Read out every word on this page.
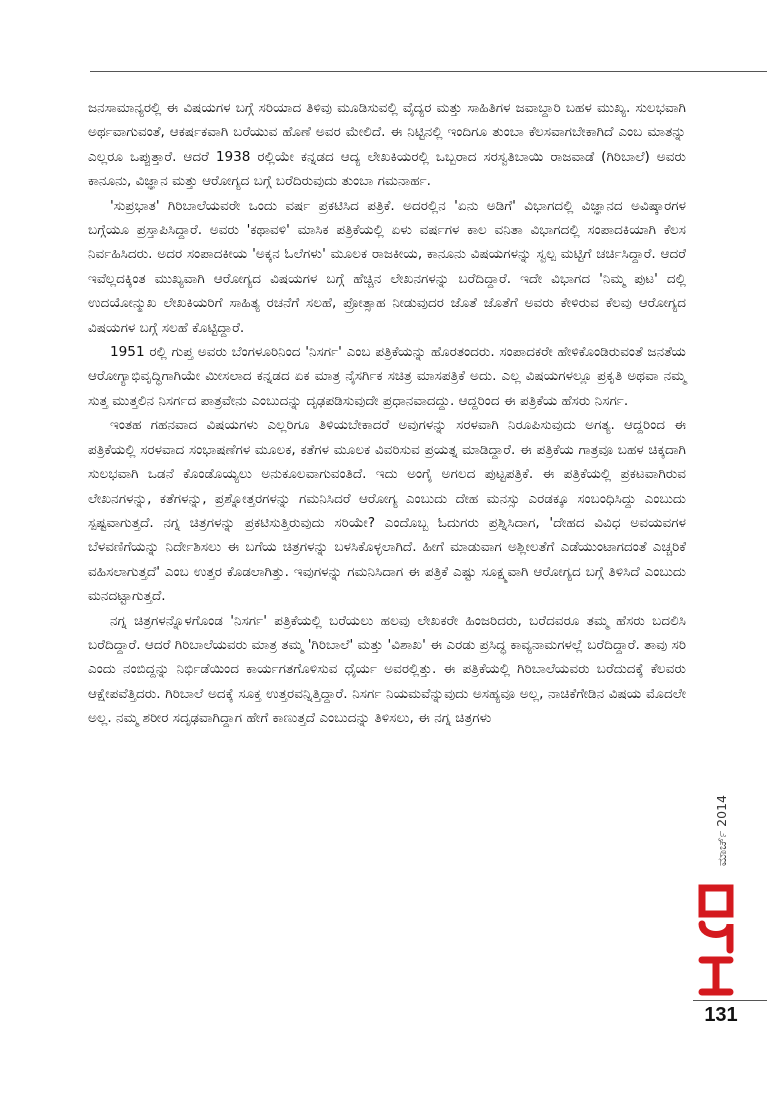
ಜನಸಾಮಾನ್ಯರಲ್ಲಿ ಈ ವಿಷಯಗಳ ಬಗ್ಗೆ ಸರಿಯಾದ ತಿಳಿವು ಮೂಡಿಸುವಲ್ಲಿ ವೈದ್ಯರ ಮತ್ತು ಸಾಹಿತಿಗಳ ಜವಾಬ್ದಾರಿ ಬಹಳ ಮುಖ್ಯ. ಸುಲಭವಾಗಿ ಅರ್ಥವಾಗುವಂತೆ, ಆಕರ್ಷಕವಾಗಿ ಬರೆಯುವ ಹೊಣೆ ಅವರ ಮೇಲಿದೆ. ಈ ನಿಟ್ಟಿನಲ್ಲಿ ಇಂದಿಗೂ ತುಂಬಾ ಕೆಲಸವಾಗಬೇಕಾಗಿದೆ ಎಂಬ ಮಾತನ್ನು ಎಲ್ಲರೂ ಒಪ್ಪುತ್ತಾರೆ. ಆದರೆ 1938 ರಲ್ಲಿಯೇ ಕನ್ನಡದ ಆದ್ಯ ಲೇಖಕಿಯರಲ್ಲಿ ಒಬ್ಬರಾದ ಸರಸ್ವತಿಬಾಯಿ ರಾಜವಾಡೆ (ಗಿರಿಬಾಲೆ) ಅವರು ಕಾನೂನು, ವಿಜ್ಞಾನ ಮತ್ತು ಆರೋಗ್ಯದ ಬಗ್ಗೆ ಬರೆದಿರುವುದು ತುಂಬಾ ಗಮನಾರ್ಹ.

'ಸುಪ್ರಭಾತ' ಗಿರಿಬಾಲೆಯವರೇ ಒಂದು ವರ್ಷ ಪ್ರಕಟಿಸಿದ ಪತ್ರಿಕೆ. ಅದರಲ್ಲಿನ 'ಏನು ಅಡಿಗೆ' ವಿಭಾಗದಲ್ಲಿ ವಿಜ್ಞಾನದ ಅವಿಷ್ಕಾರಗಳ ಬಗ್ಗೆಯೂ ಪ್ರಸ್ತಾಪಿಸಿದ್ದಾರೆ. ಅವರು 'ಕಥಾವಳಿ' ಮಾಸಿಕ ಪತ್ರಿಕೆಯಲ್ಲಿ ಏಳು ವರ್ಷಗಳ ಕಾಲ ವನಿತಾ ವಿಭಾಗದಲ್ಲಿ ಸಂಪಾದಕಿಯಾಗಿ ಕೆಲಸ ನಿರ್ವಹಿಸಿದರು. ಅದರ ಸಂಪಾದಕೀಯ 'ಅಕ್ಕನ ಓಲೆಗಳು' ಮೂಲಕ ರಾಜಕೀಯ, ಕಾನೂನು ವಿಷಯಗಳನ್ನು ಸ್ವಲ್ಪ ಮಟ್ಟಿಗೆ ಚರ್ಚಿಸಿದ್ದಾರೆ. ಆದರೆ ಇವೆಲ್ಲದಕ್ಕಿಂತ ಮುಖ್ಯವಾಗಿ ಆರೋಗ್ಯದ ವಿಷಯಗಳ ಬಗ್ಗೆ ಹೆಚ್ಚಿನ ಲೇಖನಗಳನ್ನು ಬರೆದಿದ್ದಾರೆ. ಇದೇ ವಿಭಾಗದ 'ನಿಮ್ಮ ಪುಟ' ದಲ್ಲಿ ಉದಯೋನ್ಮುಖ ಲೇಖಕಿಯರಿಗೆ ಸಾಹಿತ್ಯ ರಚನೆಗೆ ಸಲಹೆ, ಪ್ರೋತ್ಸಾಹ ನೀಡುವುದರ ಜೊತೆ ಜೊತೆಗೆ ಅವರು ಕೇಳಿರುವ ಕೆಲವು ಆರೋಗ್ಯದ ವಿಷಯಗಳ ಬಗ್ಗೆ ಸಲಹೆ ಕೊಟ್ಟಿದ್ದಾರೆ.

1951 ರಲ್ಲಿ ಗುಪ್ತ ಅವರು ಬೆಂಗಳೂರಿನಿಂದ 'ನಿಸರ್ಗ' ಎಂಬ ಪತ್ರಿಕೆಯನ್ನು ಹೊರತಂದರು. ಸಂಪಾದಕರೇ ಹೇಳಿಕೊಂಡಿರುವಂತೆ ಜನತೆಯ ಆರೋಗ್ಯಾಭಿವೃದ್ಧಿಗಾಗಿಯೇ ಮೀಸಲಾದ ಕನ್ನಡದ ಏಕ ಮಾತ್ರ ನೈಸರ್ಗಿಕ ಸಚಿತ್ರ ಮಾಸಪತ್ರಿಕೆ ಅದು. ಎಲ್ಲ ವಿಷಯಗಳಲ್ಲೂ ಪ್ರಕೃತಿ ಅಥವಾ ನಮ್ಮ ಸುತ್ತ ಮುತ್ತಲಿನ ನಿಸರ್ಗದ ಪಾತ್ರವೇನು ಎಂಬುದನ್ನು ದೃಢಪಡಿಸುವುದೇ ಪ್ರಧಾನವಾದದ್ದು. ಆದ್ದರಿಂದ ಈ ಪತ್ರಿಕೆಯ ಹೆಸರು ನಿಸರ್ಗ.

ಇಂತಹ ಗಹನವಾದ ವಿಷಯಗಳು ಎಲ್ಲರಿಗೂ ತಿಳಿಯಬೇಕಾದರೆ ಅವುಗಳನ್ನು ಸರಳವಾಗಿ ನಿರೂಪಿಸುವುದು ಅಗತ್ಯ. ಆದ್ದರಿಂದ ಈ ಪತ್ರಿಕೆಯಲ್ಲಿ ಸರಳವಾದ ಸಂಭಾಷಣೆಗಳ ಮೂಲಕ, ಕತೆಗಳ ಮೂಲಕ ವಿವರಿಸುವ ಪ್ರಯತ್ನ ಮಾಡಿದ್ದಾರೆ. ಈ ಪತ್ರಿಕೆಯ ಗಾತ್ರವೂ ಬಹಳ ಚಿಕ್ಕದಾಗಿ ಸುಲಭವಾಗಿ ಒಡನೆ ಕೊಂಡೊಯ್ಯಲು ಅನುಕೂಲವಾಗುವಂತಿದೆ. ಇದು ಅಂಗೈ ಅಗಲದ ಪುಟ್ಟಪತ್ರಿಕೆ. ಈ ಪತ್ರಿಕೆಯಲ್ಲಿ ಪ್ರಕಟವಾಗಿರುವ ಲೇಖನಗಳನ್ನು, ಕತೆಗಳನ್ನು, ಪ್ರಶ್ನೋತ್ತರಗಳನ್ನು ಗಮನಿಸಿದರೆ ಆರೋಗ್ಯ ಎಂಬುದು ದೇಹ ಮನಸ್ಸು ಎರಡಕ್ಕೂ ಸಂಬಂಧಿಸಿದ್ದು ಎಂಬುದು ಸ್ಪಷ್ಟವಾಗುತ್ತದೆ. ನಗ್ನ ಚಿತ್ರಗಳನ್ನು ಪ್ರಕಟಿಸುತ್ತಿರುವುದು ಸರಿಯೇ? ಎಂದೊಬ್ಬ ಓದುಗರು ಪ್ರಶ್ನಿಸಿದಾಗ, 'ದೇಹದ ವಿವಿಧ ಅವಯವಗಳ ಬೆಳವಣಿಗೆಯನ್ನು ನಿರ್ದೇಶಿಸಲು ಈ ಬಗೆಯ ಚಿತ್ರಗಳನ್ನು ಬಳಸಿಕೊಳ್ಳಲಾಗಿದೆ. ಹೀಗೆ ಮಾಡುವಾಗ ಅಶ್ಲೀಲತೆಗೆ ಎಡೆಯುಂಟಾಗದಂತೆ ಎಚ್ಚರಿಕೆ ವಹಿಸಲಾಗುತ್ತದೆ' ಎಂಬ ಉತ್ತರ ಕೊಡಲಾಗಿತ್ತು. ಇವುಗಳನ್ನು ಗಮನಿಸಿದಾಗ ಈ ಪತ್ರಿಕೆ ಎಷ್ಟು ಸೂಕ್ಷ್ಮವಾಗಿ ಆರೋಗ್ಯದ ಬಗ್ಗೆ ತಿಳಿಸಿದೆ ಎಂಬುದು ಮನದಟ್ಟಾಗುತ್ತದೆ.

ನಗ್ನ ಚಿತ್ರಗಳನ್ನೊಳಗೊಂಡ 'ನಿಸರ್ಗ' ಪತ್ರಿಕೆಯಲ್ಲಿ ಬರೆಯಲು ಹಲವು ಲೇಖಕರೇ ಹಿಂಜರಿದರು, ಬರೆದವರೂ ತಮ್ಮ ಹೆಸರು ಬದಲಿಸಿ ಬರೆದಿದ್ದಾರೆ. ಆದರೆ ಗಿರಿಬಾಲೆಯವರು ಮಾತ್ರ ತಮ್ಮ 'ಗಿರಿಬಾಲೆ' ಮತ್ತು 'ವಿಶಾಖ' ಈ ಎರಡು ಪ್ರಸಿದ್ಧ ಕಾವ್ಯನಾಮಗಳಲ್ಲೆ ಬರೆದಿದ್ದಾರೆ. ತಾವು ಸರಿ ಎಂದು ನಂಬಿದ್ದನ್ನು ನಿರ್ಭಿಡೆಯಿಂದ ಕಾರ್ಯಗತಗೊಳಿಸುವ ಧೈರ್ಯ ಅವರಲ್ಲಿತ್ತು. ಈ ಪತ್ರಿಕೆಯಲ್ಲಿ ಗಿರಿಬಾಲೆಯವರು ಬರೆದುದಕ್ಕೆ ಕೆಲವರು ಆಕ್ಷೇಪವೆತ್ತಿದರು. ಗಿರಿಬಾಲೆ ಅದಕ್ಕೆ ಸೂಕ್ತ ಉತ್ತರವನ್ನಿತ್ತಿದ್ದಾರೆ. ನಿಸರ್ಗ ನಿಯಮವೆನ್ನುವುದು ಅಸಹ್ಯವೂ ಅಲ್ಲ, ನಾಚಿಕೆಗೇಡಿನ ವಿಷಯ ಮೊದಲೇ ಅಲ್ಲ. ನಮ್ಮ ಶರೀರ ಸದೃಢವಾಗಿದ್ದಾಗ ಹೇಗೆ ಕಾಣುತ್ತದೆ ಎಂಬುದನ್ನು ತಿಳಿಸಲು, ಈ ನಗ್ನ ಚಿತ್ರಗಳು

ಮಾರ್ಚ್ 2014
131
